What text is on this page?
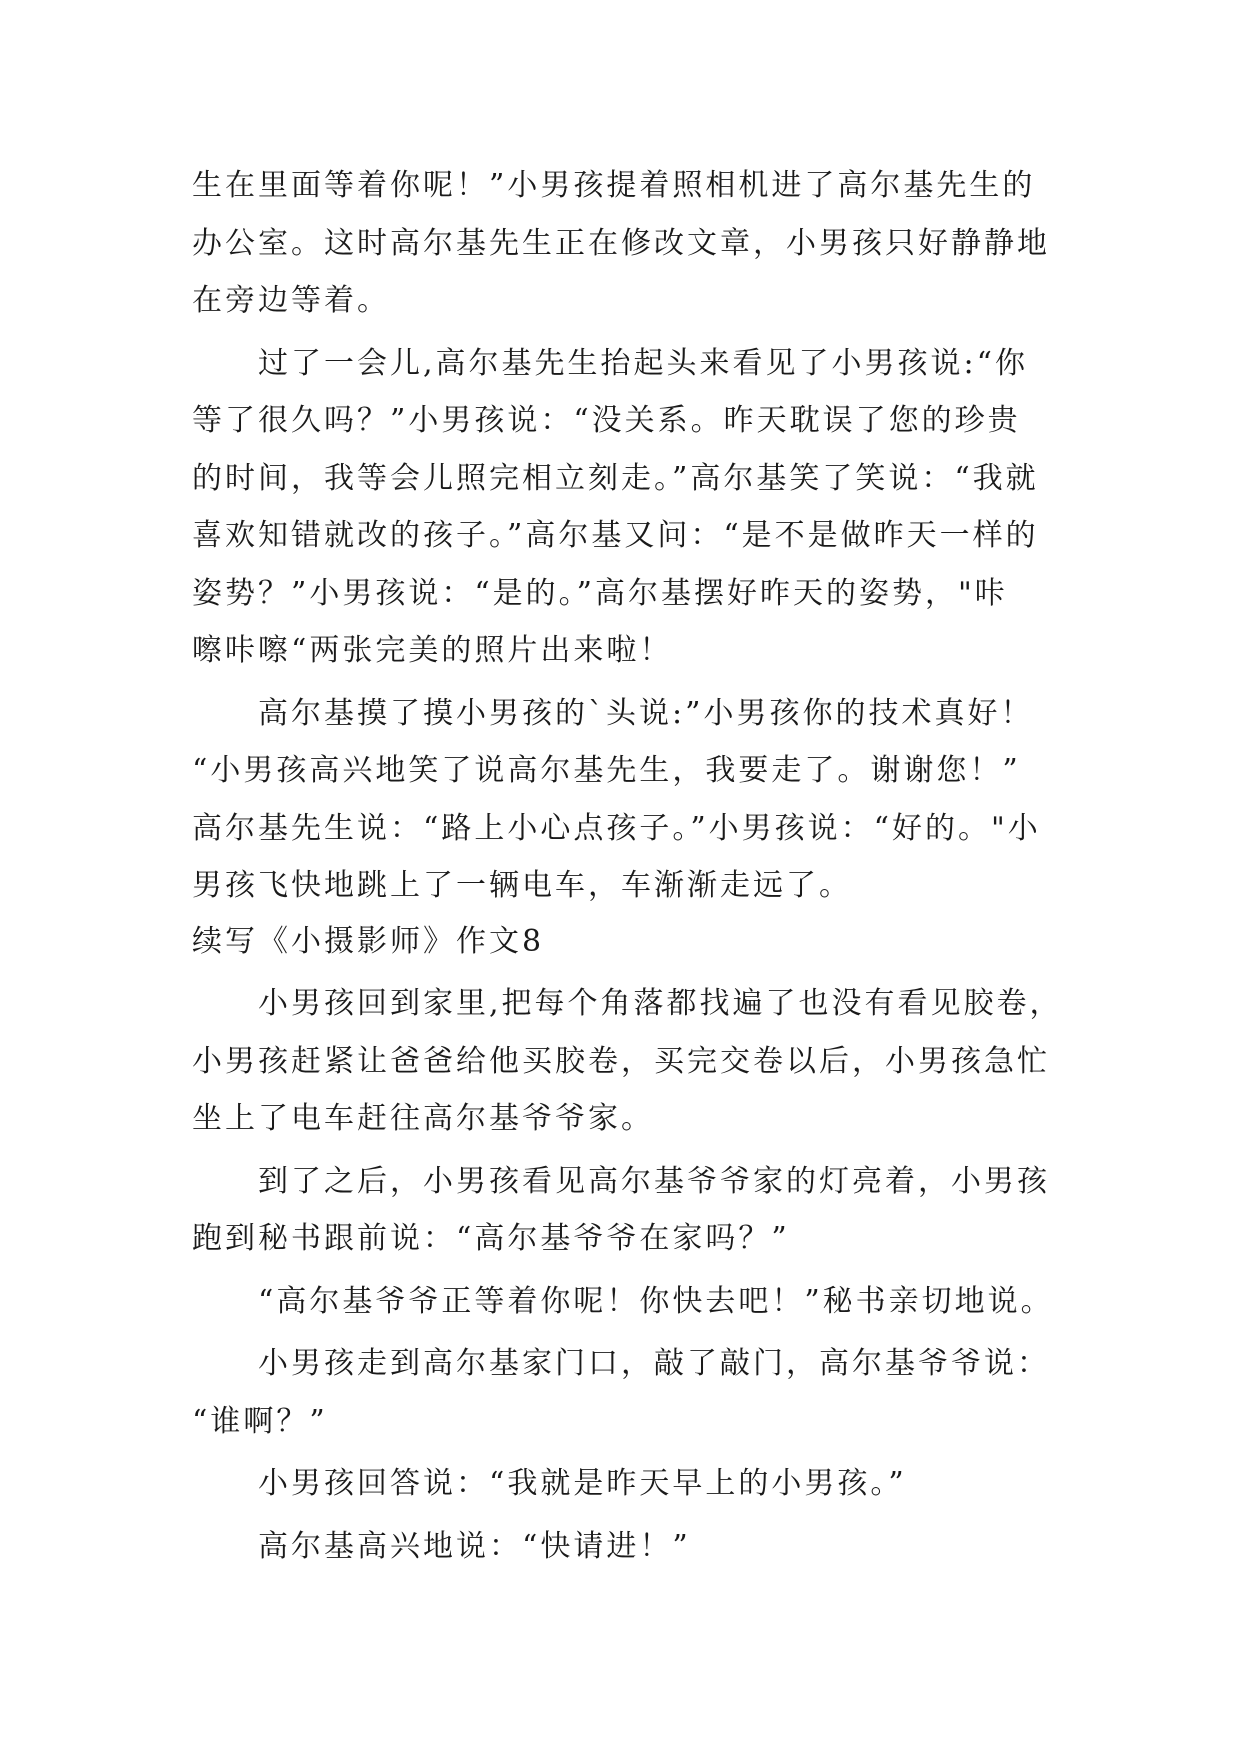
生在里面等着你呢！”小男孩提着照相机进了高尔基先生的
办公室。这时高尔基先生正在修改文章，小男孩只好静静地
在旁边等着。
过了一会儿,高尔基先生抬起头来看见了小男孩说:“你
等了很久吗？”小男孩说：“没关系。昨天耽误了您的珍贵
的时间，我等会儿照完相立刻走。”高尔基笑了笑说：“我就
喜欢知错就改的孩子。”高尔基又问：“是不是做昨天一样的
姿势？”小男孩说：“是的。”高尔基摆好昨天的姿势，"咔
嚓咔嚓“两张完美的照片出来啦！
高尔基摸了摸小男孩的`头说:”小男孩你的技术真好！
“小男孩高兴地笑了说高尔基先生，我要走了。谢谢您！”
高尔基先生说：“路上小心点孩子。”小男孩说：“好的。"小
男孩飞快地跳上了一辆电车，车渐渐走远了。
续写《小摄影师》作文8
小男孩回到家里,把每个角落都找遍了也没有看见胶卷，
小男孩赶紧让爸爸给他买胶卷，买完交卷以后，小男孩急忙
坐上了电车赶往高尔基爷爷家。
到了之后，小男孩看见高尔基爷爷家的灯亮着，小男孩
跑到秘书跟前说：“高尔基爷爷在家吗？”
“高尔基爷爷正等着你呢！你快去吧！”秘书亲切地说。
小男孩走到高尔基家门口，敲了敲门，高尔基爷爷说：
“谁啊？”
小男孩回答说：“我就是昨天早上的小男孩。”
高尔基高兴地说：“快请进！”
